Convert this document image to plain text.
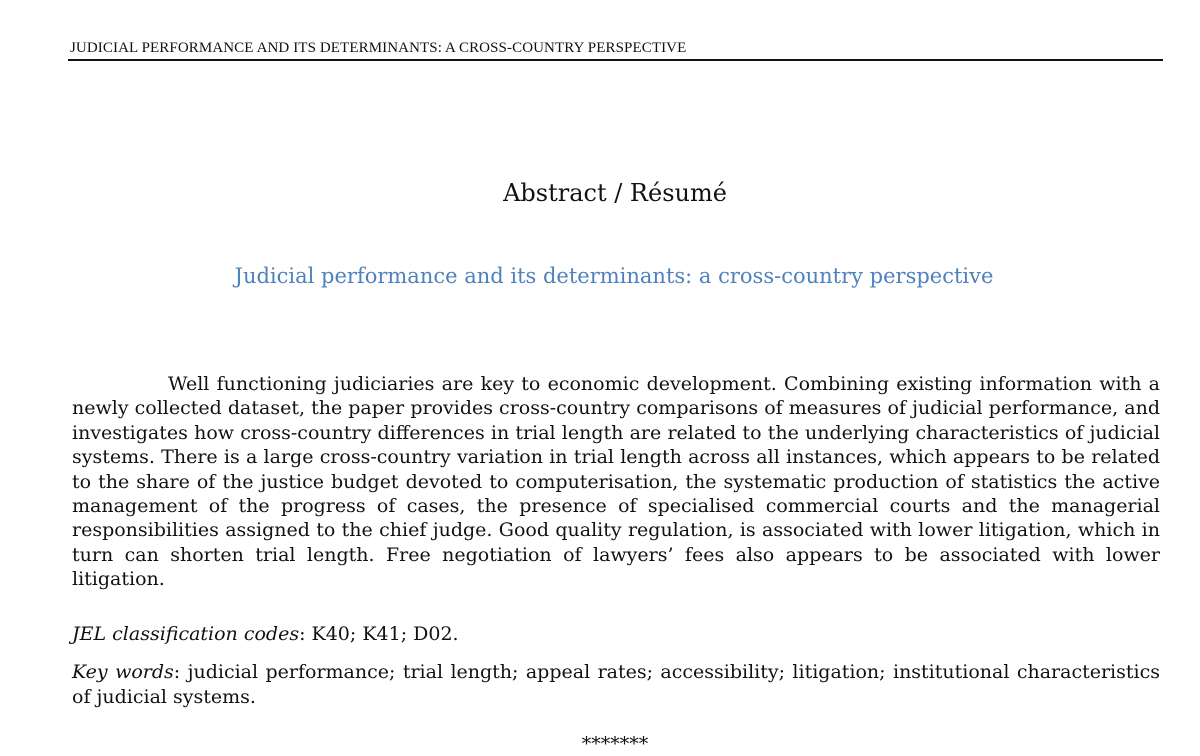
JUDICIAL PERFORMANCE AND ITS DETERMINANTS: A CROSS-COUNTRY PERSPECTIVE
Abstract / Résumé
Judicial performance and its determinants: a cross-country perspective

Well functioning judiciaries are key to economic development. Combining existing information with a newly collected dataset, the paper provides cross-country comparisons of measures of judicial performance, and investigates how cross-country differences in trial length are related to the underlying characteristics of judicial systems. There is a large cross-country variation in trial length across all instances, which appears to be related to the share of the justice budget devoted to computerisation, the systematic production of statistics the active management of the progress of cases, the presence of specialised commercial courts and the managerial responsibilities assigned to the chief judge. Good quality regulation, is associated with lower litigation, which in turn can shorten trial length. Free negotiation of lawyers’ fees also appears to be associated with lower litigation.

JEL classification codes: K40; K41; D02.

Key words: judicial performance; trial length; appeal rates; accessibility; litigation; institutional characteristics of judicial systems.

*******
